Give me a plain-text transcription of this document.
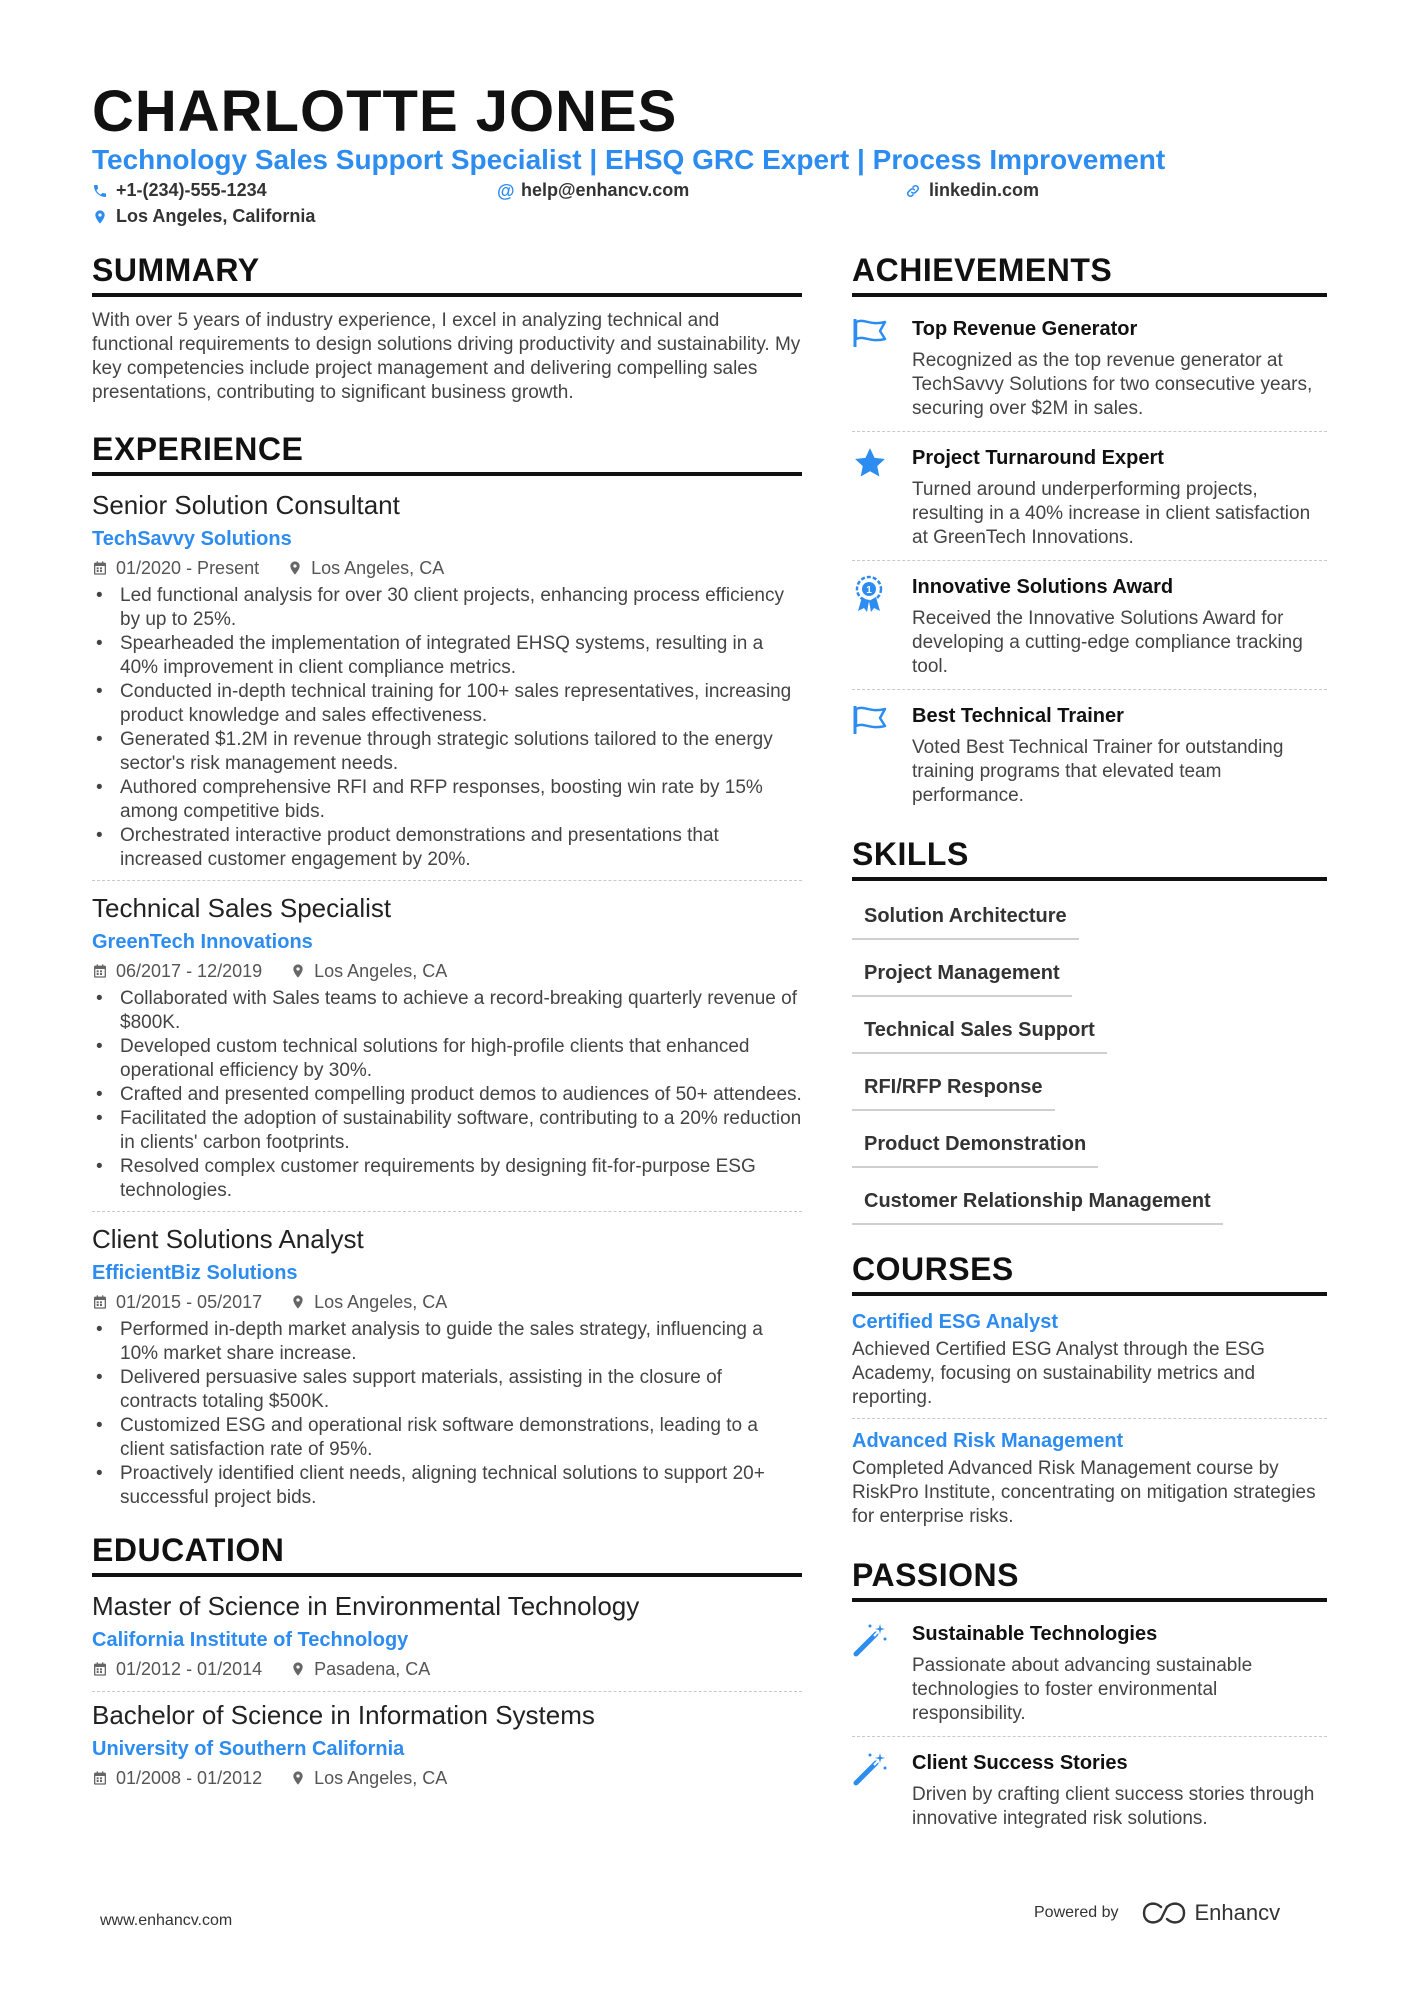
CHARLOTTE JONES
Technology Sales Support Specialist | EHSQ GRC Expert | Process Improvement
+1-(234)-555-1234	@ help@enhancv.com	linkedin.com
Los Angeles, California
SUMMARY
With over 5 years of industry experience, I excel in analyzing technical and functional requirements to design solutions driving productivity and sustainability. My key competencies include project management and delivering compelling sales presentations, contributing to significant business growth.
EXPERIENCE
Senior Solution Consultant
TechSavvy Solutions
01/2020 - Present	Los Angeles, CA
• Led functional analysis for over 30 client projects, enhancing process efficiency by up to 25%.
• Spearheaded the implementation of integrated EHSQ systems, resulting in a 40% improvement in client compliance metrics.
• Conducted in-depth technical training for 100+ sales representatives, increasing product knowledge and sales effectiveness.
• Generated $1.2M in revenue through strategic solutions tailored to the energy sector's risk management needs.
• Authored comprehensive RFI and RFP responses, boosting win rate by 15% among competitive bids.
• Orchestrated interactive product demonstrations and presentations that increased customer engagement by 20%.
Technical Sales Specialist
GreenTech Innovations
06/2017 - 12/2019	Los Angeles, CA
• Collaborated with Sales teams to achieve a record-breaking quarterly revenue of $800K.
• Developed custom technical solutions for high-profile clients that enhanced operational efficiency by 30%.
• Crafted and presented compelling product demos to audiences of 50+ attendees.
• Facilitated the adoption of sustainability software, contributing to a 20% reduction in clients' carbon footprints.
• Resolved complex customer requirements by designing fit-for-purpose ESG technologies.
Client Solutions Analyst
EfficientBiz Solutions
01/2015 - 05/2017	Los Angeles, CA
• Performed in-depth market analysis to guide the sales strategy, influencing a 10% market share increase.
• Delivered persuasive sales support materials, assisting in the closure of contracts totaling $500K.
• Customized ESG and operational risk software demonstrations, leading to a client satisfaction rate of 95%.
• Proactively identified client needs, aligning technical solutions to support 20+ successful project bids.
EDUCATION
Master of Science in Environmental Technology
California Institute of Technology
01/2012 - 01/2014	Pasadena, CA
Bachelor of Science in Information Systems
University of Southern California
01/2008 - 01/2012	Los Angeles, CA
ACHIEVEMENTS
Top Revenue Generator
Recognized as the top revenue generator at TechSavvy Solutions for two consecutive years, securing over $2M in sales.
Project Turnaround Expert
Turned around underperforming projects, resulting in a 40% increase in client satisfaction at GreenTech Innovations.
1 Innovative Solutions Award
Received the Innovative Solutions Award for developing a cutting-edge compliance tracking tool.
Best Technical Trainer
Voted Best Technical Trainer for outstanding training programs that elevated team performance.
SKILLS
Solution Architecture
Project Management
Technical Sales Support
RFI/RFP Response
Product Demonstration
Customer Relationship Management
COURSES
Certified ESG Analyst
Achieved Certified ESG Analyst through the ESG Academy, focusing on sustainability metrics and reporting.
Advanced Risk Management
Completed Advanced Risk Management course by RiskPro Institute, concentrating on mitigation strategies for enterprise risks.
PASSIONS
Sustainable Technologies
Passionate about advancing sustainable technologies to foster environmental responsibility.
Client Success Stories
Driven by crafting client success stories through innovative integrated risk solutions.
www.enhancv.com	Powered by	Enhancv
